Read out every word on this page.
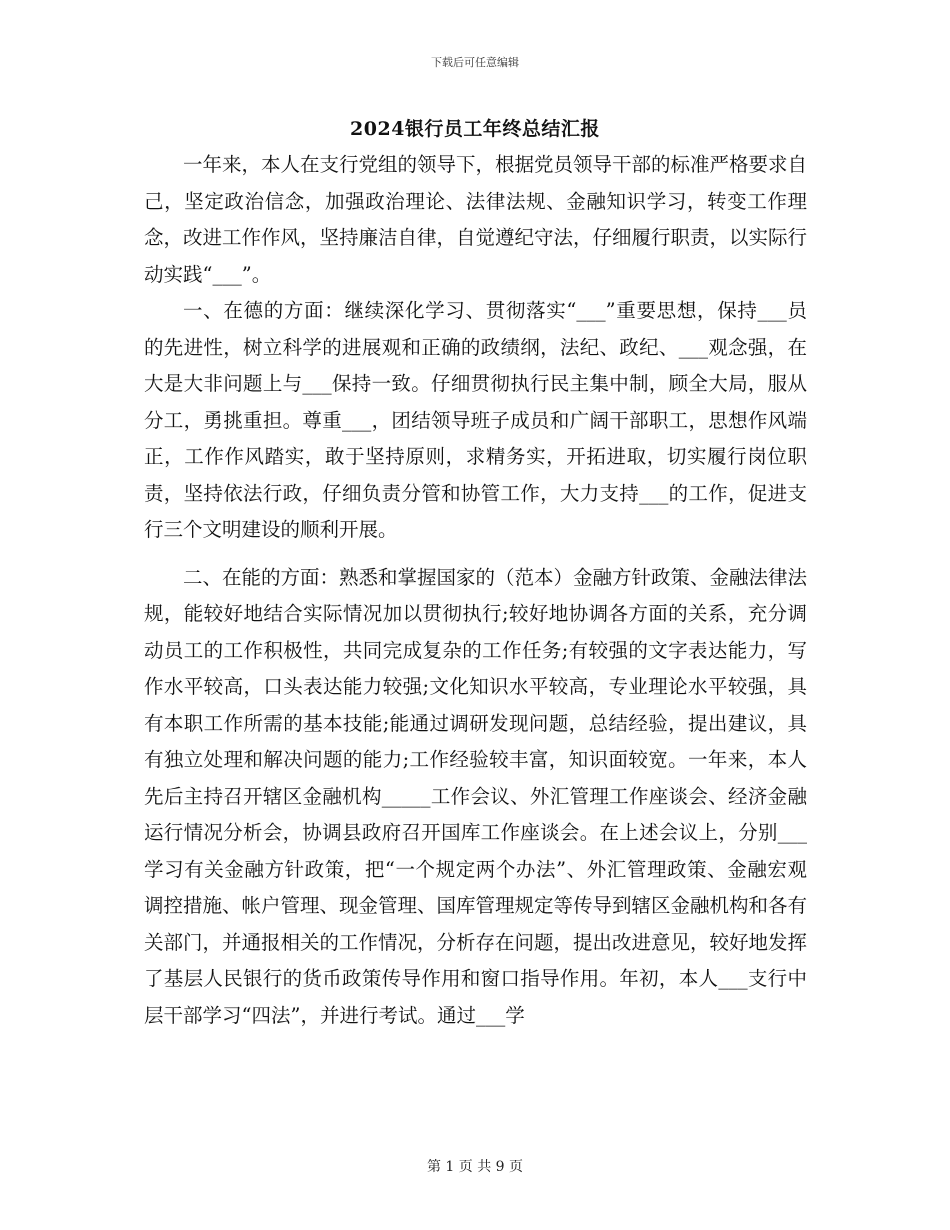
下载后可任意编辑
2024银行员工年终总结汇报

一年来，本人在支行党组的领导下，根据党员领导干部的标准严格要求自己，坚定政治信念，加强政治理论、法律法规、金融知识学习，转变工作理念，改进工作作风，坚持廉洁自律，自觉遵纪守法，仔细履行职责，以实际行动实践“___”。

一、在德的方面：继续深化学习、贯彻落实“___”重要思想，保持___员的先进性，树立科学的进展观和正确的政绩纲，法纪、政纪、___观念强，在大是大非问题上与___保持一致。仔细贯彻执行民主集中制，顾全大局，服从分工，勇挑重担。尊重___，团结领导班子成员和广阔干部职工，思想作风端正，工作作风踏实，敢于坚持原则，求精务实，开拓进取，切实履行岗位职责，坚持依法行政，仔细负责分管和协管工作，大力支持___的工作，促进支行三个文明建设的顺利开展。

二、在能的方面：熟悉和掌握国家的（范本）金融方针政策、金融法律法规，能较好地结合实际情况加以贯彻执行;较好地协调各方面的关系，充分调动员工的工作积极性，共同完成复杂的工作任务;有较强的文字表达能力，写作水平较高，口头表达能力较强;文化知识水平较高，专业理论水平较强，具有本职工作所需的基本技能;能通过调研发现问题，总结经验，提出建议，具有独立处理和解决问题的能力;工作经验较丰富，知识面较宽。一年来，本人先后主持召开辖区金融机构_____工作会议、外汇管理工作座谈会、经济金融运行情况分析会，协调县政府召开国库工作座谈会。在上述会议上，分别___学习有关金融方针政策，把“一个规定两个办法”、外汇管理政策、金融宏观调控措施、帐户管理、现金管理、国库管理规定等传导到辖区金融机构和各有关部门，并通报相关的工作情况，分析存在问题，提出改进意见，较好地发挥了基层人民银行的货币政策传导作用和窗口指导作用。年初，本人___支行中层干部学习“四法”，并进行考试。通过___学

第 1 页 共 9 页
